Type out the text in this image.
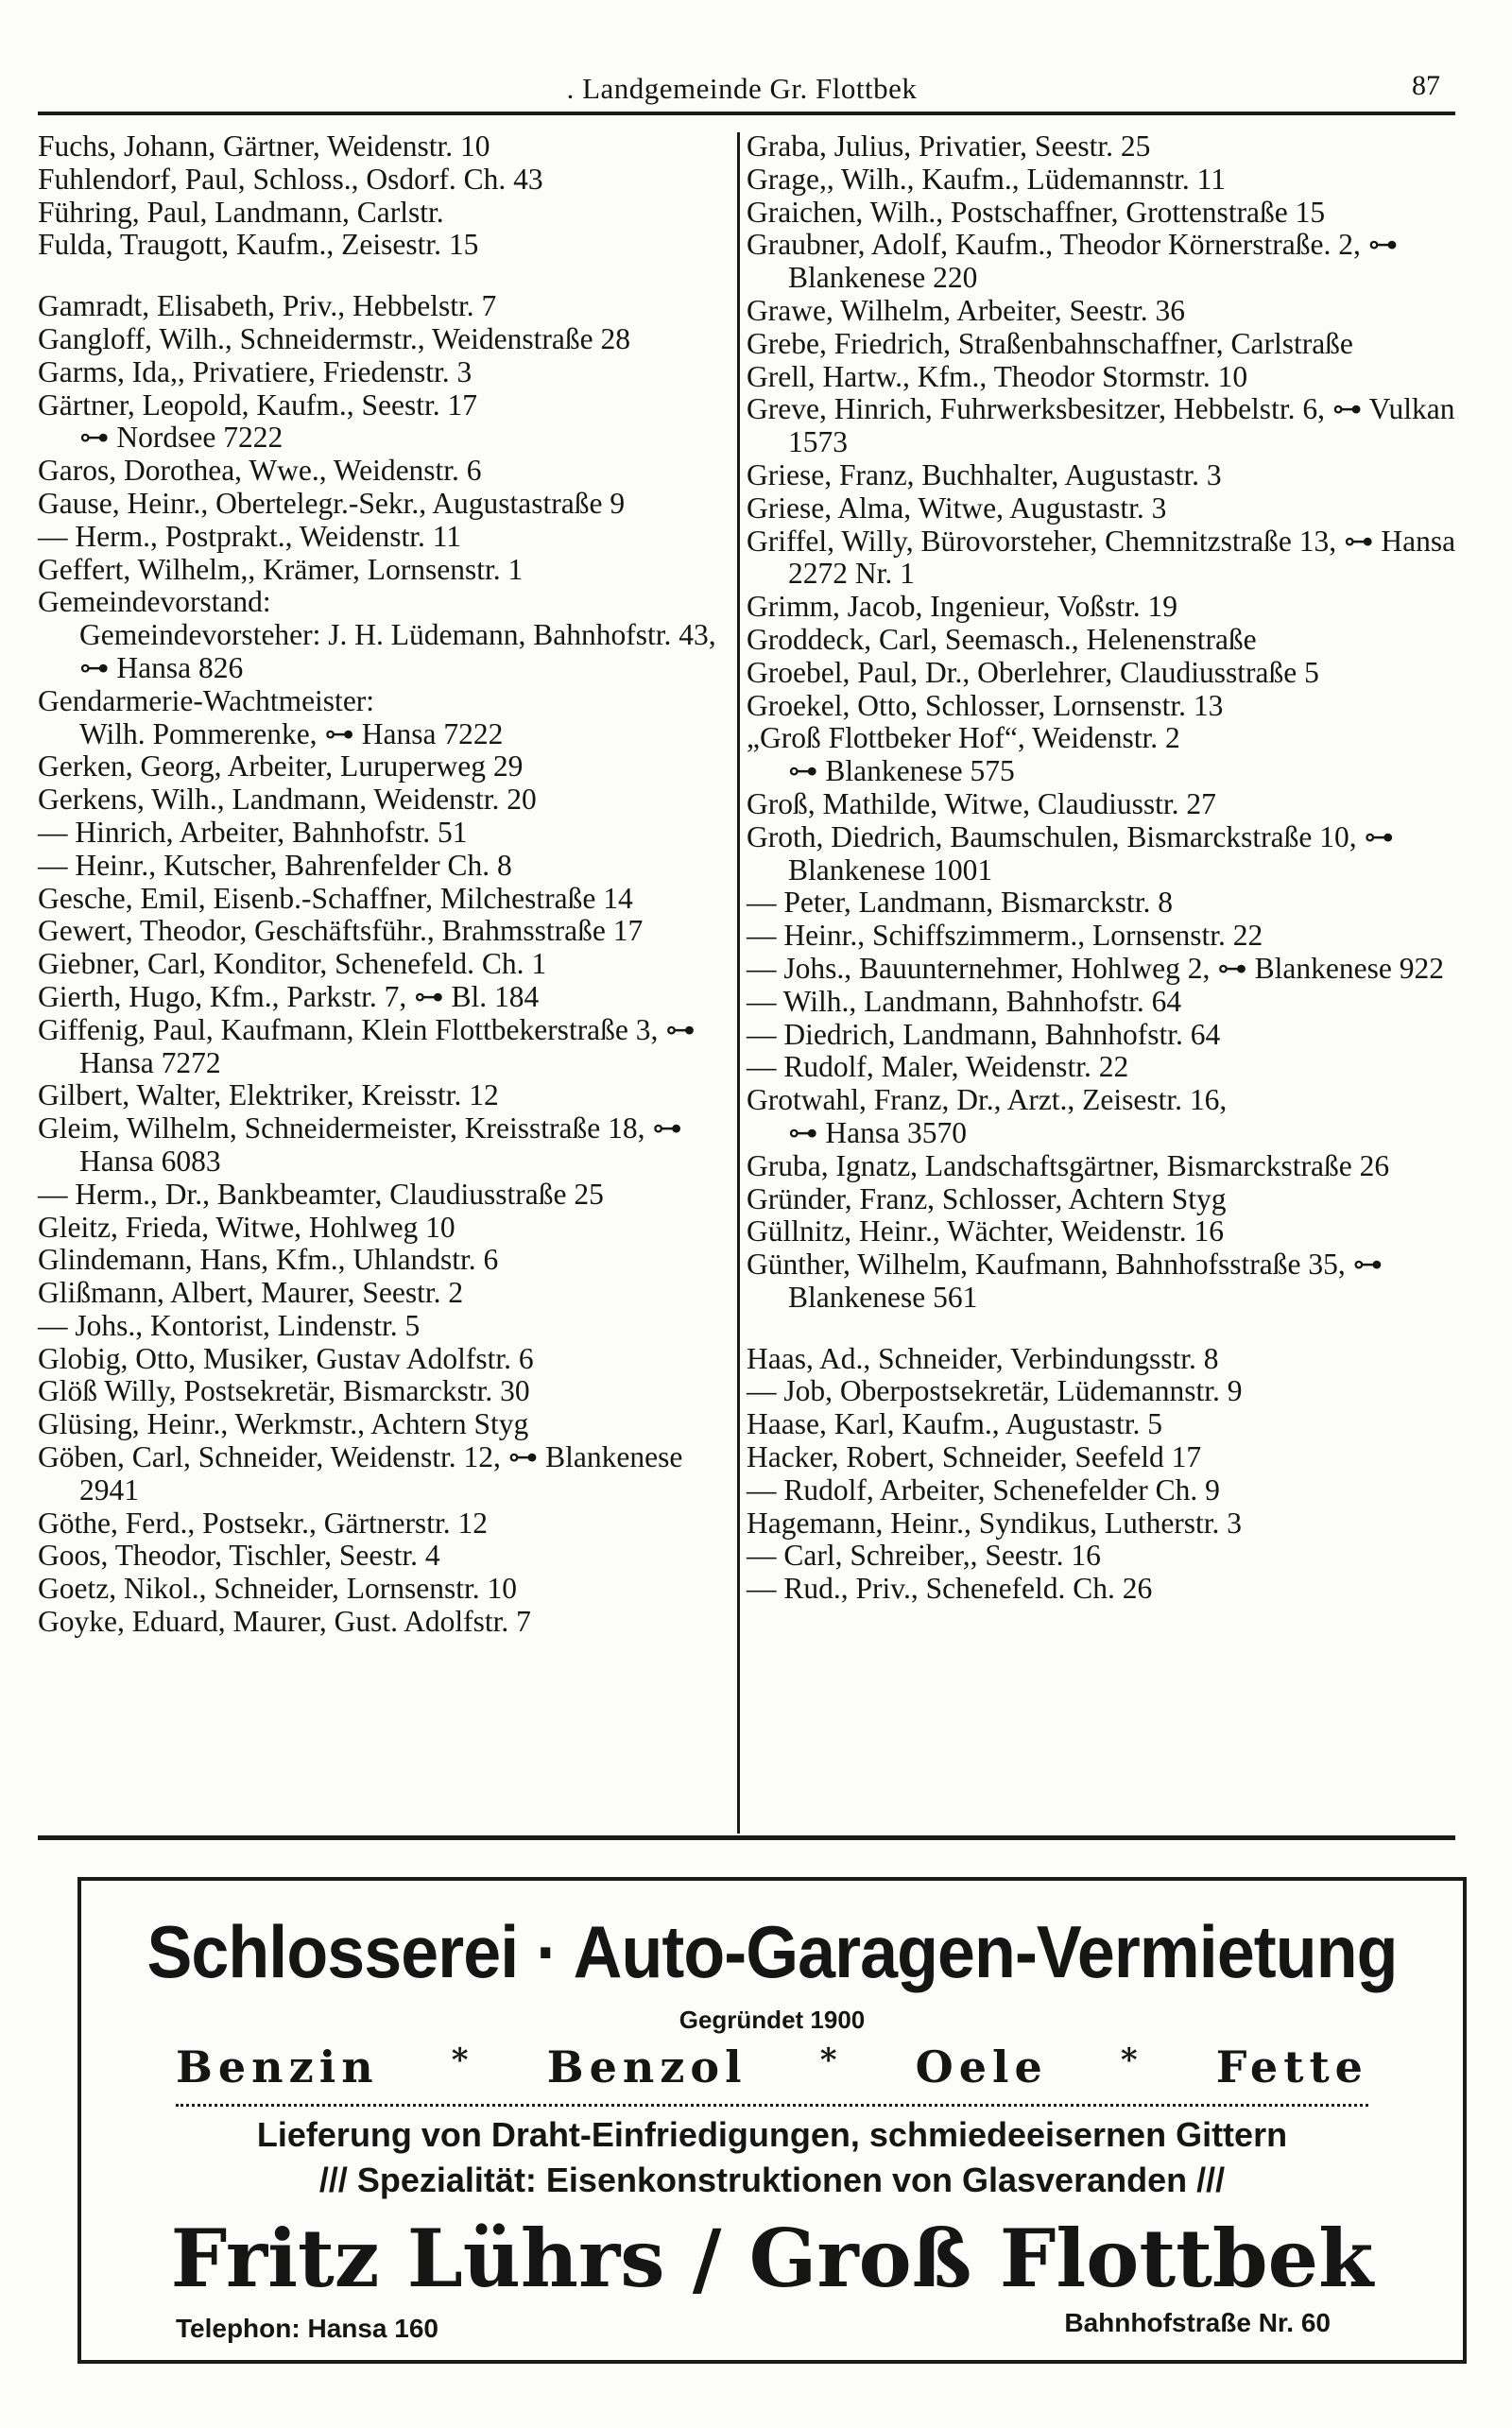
. Landgemeinde Gr. Flottbek	87
Fuchs, Johann, Gärtner, Weidenstr. 10
Fuhlendorf, Paul, Schloss., Osdorf. Ch. 43
Führing, Paul, Landmann, Carlstr.
Fulda, Traugott, Kaufm., Zeisestr. 15
Gamradt, Elisabeth, Priv., Hebbelstr. 7
Gangloff, Wilh., Schneidermstr., Weidenstraße 28
Garms, Ida,, Privatiere, Friedenstr. 3
Gärtner, Leopold, Kaufm., Seestr. 17
⊶ Nordsee 7222
Garos, Dorothea, Wwe., Weidenstr. 6
Gause, Heinr., Obertelegr.-Sekr., Augustastraße 9
— Herm., Postprakt., Weidenstr. 11
Geffert, Wilhelm,, Krämer, Lornsenstr. 1
Gemeindevorstand:
Gemeindevorsteher: J. H. Lüdemann, Bahnhofstr. 43, ⊶ Hansa 826
Gendarmerie-Wachtmeister:
Wilh. Pommerenke, ⊶ Hansa 7222
Gerken, Georg, Arbeiter, Luruperweg 29
Gerkens, Wilh., Landmann, Weidenstr. 20
— Hinrich, Arbeiter, Bahnhofstr. 51
— Heinr., Kutscher, Bahrenfelder Ch. 8
Gesche, Emil, Eisenb.-Schaffner, Milchestraße 14
Gewert, Theodor, Geschäftsführ., Brahmsstraße 17
Giebner, Carl, Konditor, Schenefeld. Ch. 1
Gierth, Hugo, Kfm., Parkstr. 7, ⊶ Bl. 184
Giffenig, Paul, Kaufmann, Klein Flottbekerstraße 3, ⊶ Hansa 7272
Gilbert, Walter, Elektriker, Kreisstr. 12
Gleim, Wilhelm, Schneidermeister, Kreisstraße 18, ⊶ Hansa 6083
— Herm., Dr., Bankbeamter, Claudiusstraße 25
Gleitz, Frieda, Witwe, Hohlweg 10
Glindemann, Hans, Kfm., Uhlandstr. 6
Glißmann, Albert, Maurer, Seestr. 2
— Johs., Kontorist, Lindenstr. 5
Globig, Otto, Musiker, Gustav Adolfstr. 6
Glöß Willy, Postsekretär, Bismarckstr. 30
Glüsing, Heinr., Werkmstr., Achtern Styg
Göben, Carl, Schneider, Weidenstr. 12, ⊶ Blankenese 2941
Göthe, Ferd., Postsekr., Gärtnerstr. 12
Goos, Theodor, Tischler, Seestr. 4
Goetz, Nikol., Schneider, Lornsenstr. 10
Goyke, Eduard, Maurer, Gust. Adolfstr. 7
Graba, Julius, Privatier, Seestr. 25
Grage,, Wilh., Kaufm., Lüdemannstr. 11
Graichen, Wilh., Postschaffner, Grottenstraße 15
Graubner, Adolf, Kaufm., Theodor Körnerstraße. 2, ⊶ Blankenese 220
Grawe, Wilhelm, Arbeiter, Seestr. 36
Grebe, Friedrich, Straßenbahnschaffner, Carlstraße
Grell, Hartw., Kfm., Theodor Stormstr. 10
Greve, Hinrich, Fuhrwerksbesitzer, Hebbelstr. 6, ⊶ Vulkan 1573
Griese, Franz, Buchhalter, Augustastr. 3
Griese, Alma, Witwe, Augustastr. 3
Griffel, Willy, Bürovorsteher, Chemnitzstraße 13, ⊶ Hansa 2272 Nr. 1
Grimm, Jacob, Ingenieur, Voßstr. 19
Groddeck, Carl, Seemasch., Helenenstraße
Groebel, Paul, Dr., Oberlehrer, Claudiusstraße 5
Groekel, Otto, Schlosser, Lornsenstr. 13
„Groß Flottbeker Hof“, Weidenstr. 2
⊶ Blankenese 575
Groß, Mathilde, Witwe, Claudiusstr. 27
Groth, Diedrich, Baumschulen, Bismarckstraße 10, ⊶ Blankenese 1001
— Peter, Landmann, Bismarckstr. 8
— Heinr., Schiffszimmerm., Lornsenstr. 22
— Johs., Bauunternehmer, Hohlweg 2, ⊶ Blankenese 922
— Wilh., Landmann, Bahnhofstr. 64
— Diedrich, Landmann, Bahnhofstr. 64
— Rudolf, Maler, Weidenstr. 22
Grotwahl, Franz, Dr., Arzt., Zeisestr. 16,
⊶ Hansa 3570
Gruba, Ignatz, Landschaftsgärtner, Bismarckstraße 26
Gründer, Franz, Schlosser, Achtern Styg
Güllnitz, Heinr., Wächter, Weidenstr. 16
Günther, Wilhelm, Kaufmann, Bahnhofsstraße 35, ⊶ Blankenese 561
Haas, Ad., Schneider, Verbindungsstr. 8
— Job, Oberpostsekretär, Lüdemannstr. 9
Haase, Karl, Kaufm., Augustastr. 5
Hacker, Robert, Schneider, Seefeld 17
— Rudolf, Arbeiter, Schenefelder Ch. 9
Hagemann, Heinr., Syndikus, Lutherstr. 3
— Carl, Schreiber,, Seestr. 16
— Rud., Priv., Schenefeld. Ch. 26
Schlosserei · Auto-Garagen-Vermietung
Gegründet 1900
Benzin * Benzol * Oele * Fette
Lieferung von Draht-Einfriedigungen, schmiedeeisernen Gittern
/// Spezialität: Eisenkonstruktionen von Glasveranden ///
Fritz Lührs / Groß Flottbek
Telephon: Hansa 160	Bahnhofstraße Nr. 60
